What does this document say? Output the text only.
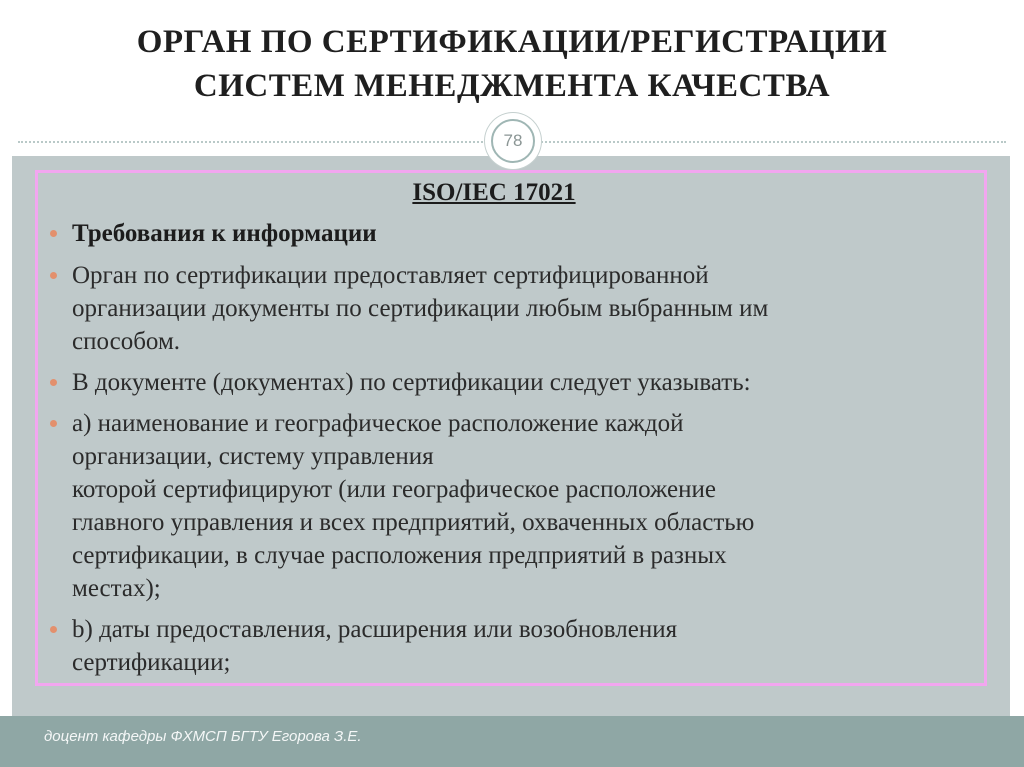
ОРГАН ПО СЕРТИФИКАЦИИ/РЕГИСТРАЦИИ
СИСТЕМ МЕНЕДЖМЕНТА КАЧЕСТВА
78
ISO/IEC 17021
Требования к информации
Орган по сертификации предоставляет сертифицированной
организации документы по сертификации любым выбранным им
способом.
В документе (документах) по сертификации следует указывать:
a) наименование и географическое расположение каждой
организации, систему управления
которой сертифицируют (или географическое расположение
главного управления и всех предприятий, охваченных областью
сертификации, в случае расположения предприятий в разных
местах);
b) даты предоставления, расширения или возобновления
сертификации;
доцент кафедры ФХМСП БГТУ Егорова З.Е.
